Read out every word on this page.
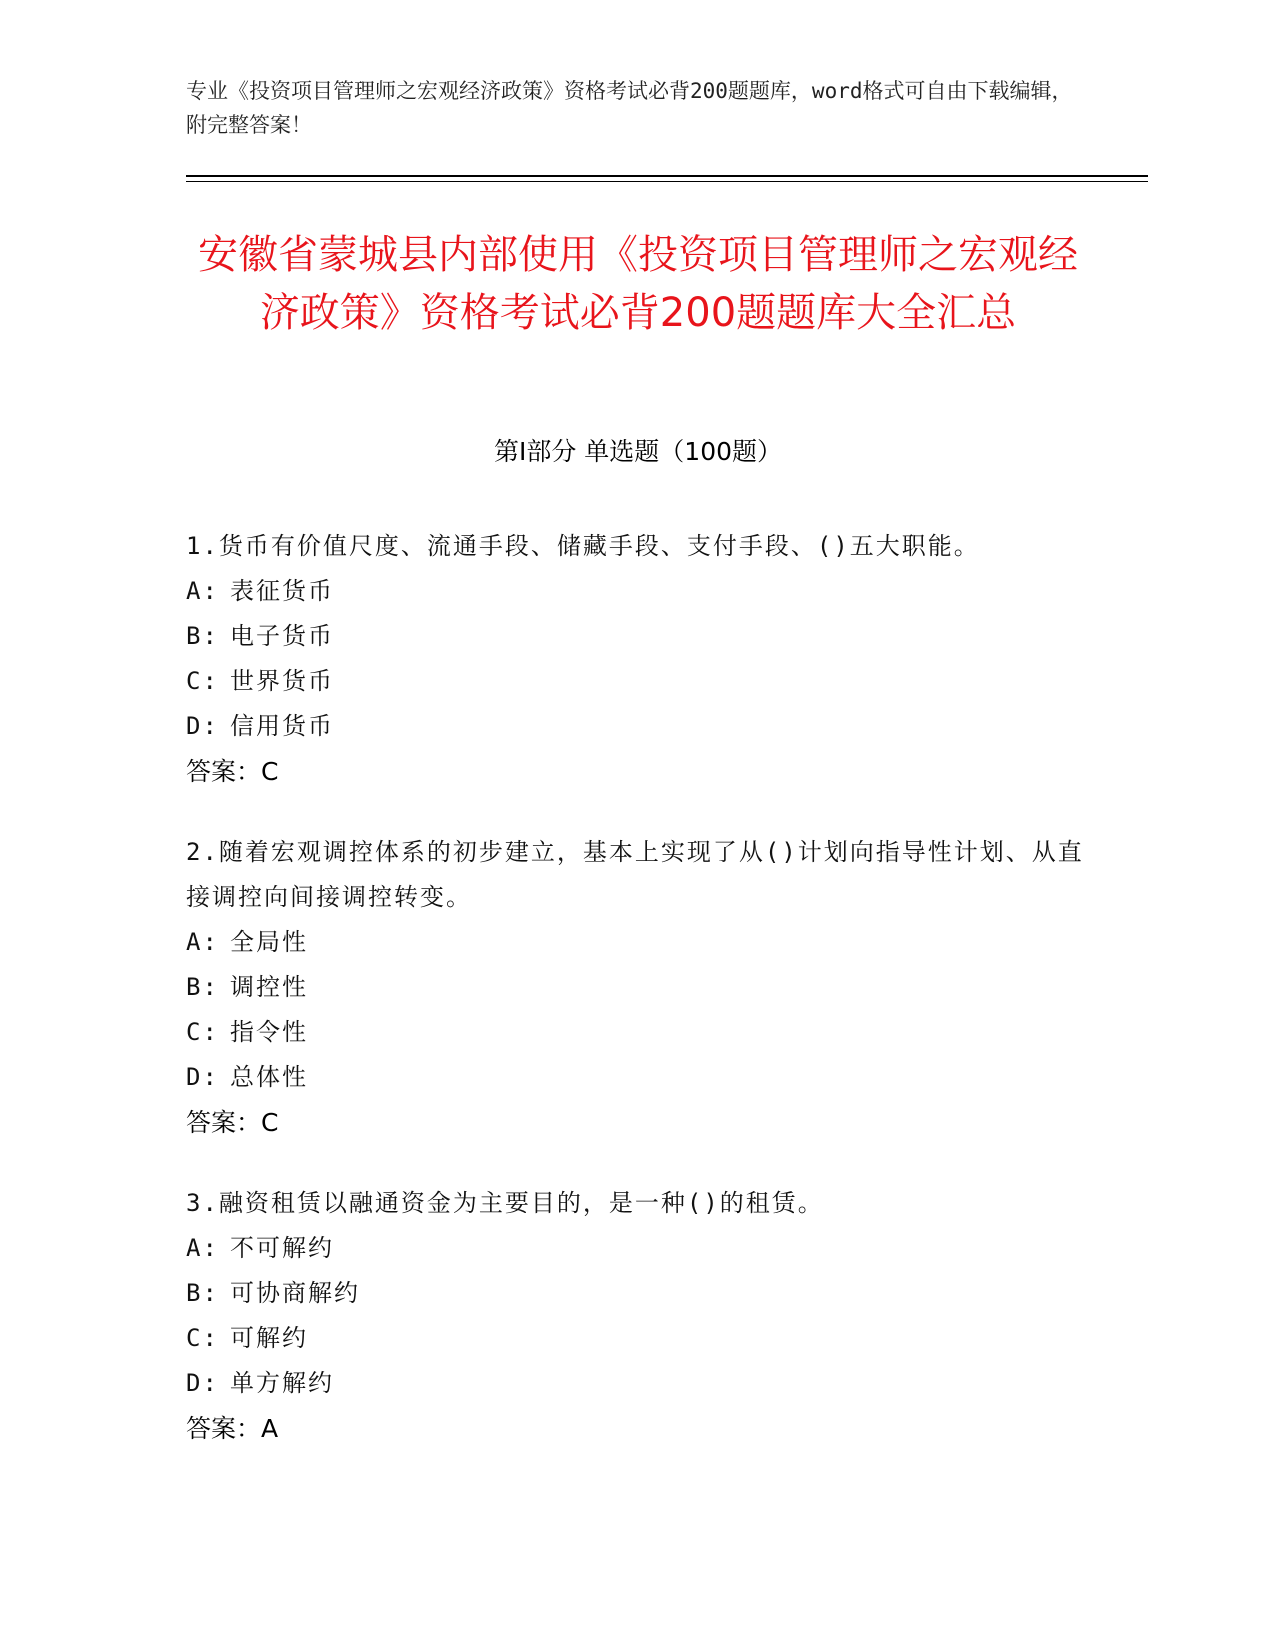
专业《投资项目管理师之宏观经济政策》资格考试必背200题题库，word格式可自由下载编辑，附完整答案！
安徽省蒙城县内部使用《投资项目管理师之宏观经济政策》资格考试必背200题题库大全汇总
第Ⅰ部分 单选题（100题）
1.货币有价值尺度、流通手段、储藏手段、支付手段、()五大职能。
A: 表征货币
B: 电子货币
C: 世界货币
D: 信用货币
答案：C
2.随着宏观调控体系的初步建立，基本上实现了从()计划向指导性计划、从直接调控向间接调控转变。
A: 全局性
B: 调控性
C: 指令性
D: 总体性
答案：C
3.融资租赁以融通资金为主要目的，是一种()的租赁。
A: 不可解约
B: 可协商解约
C: 可解约
D: 单方解约
答案：A
